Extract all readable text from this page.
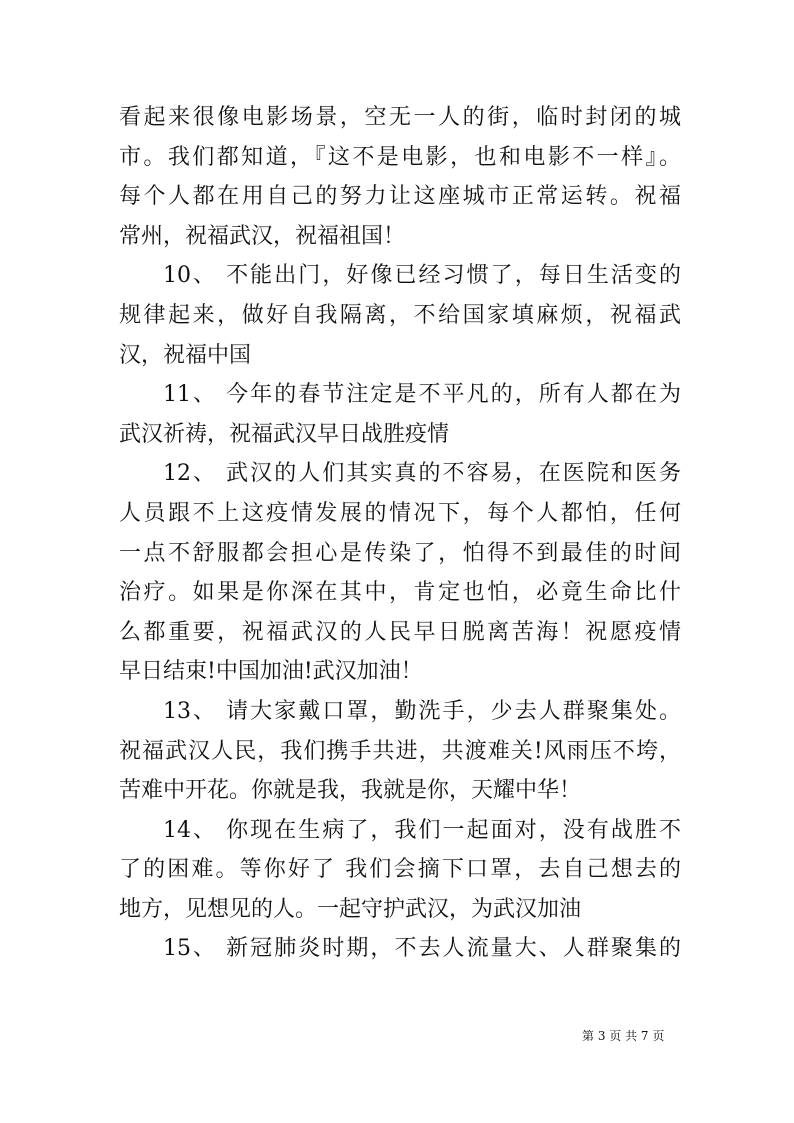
看起来很像电影场景，空无一人的街，临时封闭的城
市。我们都知道，『这不是电影，也和电影不一样』。
每个人都在用自己的努力让这座城市正常运转。祝福
常州，祝福武汉，祝福祖国！
10、 不能出门，好像已经习惯了，每日生活变的
规律起来，做好自我隔离，不给国家填麻烦，祝福武
汉，祝福中国
11、 今年的春节注定是不平凡的，所有人都在为
武汉祈祷，祝福武汉早日战胜疫情
12、 武汉的人们其实真的不容易，在医院和医务
人员跟不上这疫情发展的情况下，每个人都怕，任何
一点不舒服都会担心是传染了，怕得不到最佳的时间
治疗。如果是你深在其中，肯定也怕，必竟生命比什
么都重要，祝福武汉的人民早日脱离苦海！祝愿疫情
早日结束!中国加油!武汉加油！
13、 请大家戴口罩，勤洗手，少去人群聚集处。
祝福武汉人民，我们携手共进，共渡难关!风雨压不垮，
苦难中开花。你就是我，我就是你，天耀中华！
14、 你现在生病了，我们一起面对，没有战胜不
了的困难。等你好了 我们会摘下口罩，去自己想去的
地方，见想见的人。一起守护武汉，为武汉加油
15、 新冠肺炎时期，不去人流量大、人群聚集的
第 3 页 共 7 页
